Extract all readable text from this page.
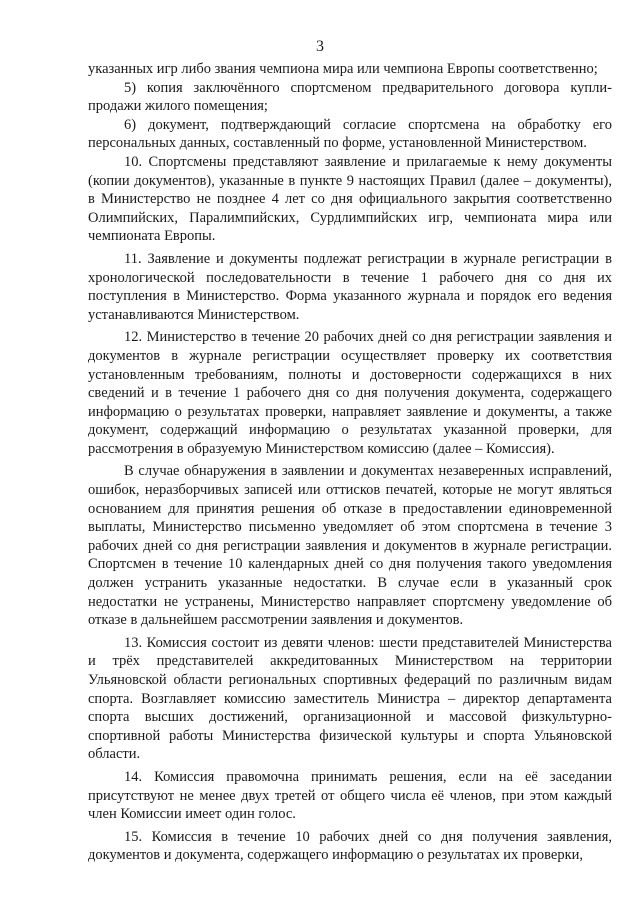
3

указанных игр либо звания чемпиона мира или чемпиона Европы соответственно;

5) копия заключённого спортсменом предварительного договора купли-продажи жилого помещения;

6) документ, подтверждающий согласие спортсмена на обработку его персональных данных, составленный по форме, установленной Министерством.

10. Спортсмены представляют заявление и прилагаемые к нему документы (копии документов), указанные в пункте 9 настоящих Правил (далее – документы), в Министерство не позднее 4 лет со дня официального закрытия соответственно Олимпийских, Паралимпийских, Сурдлимпийских игр, чемпионата мира или чемпионата Европы.

11. Заявление и документы подлежат регистрации в журнале регистрации в хронологической последовательности в течение 1 рабочего дня со дня их поступления в Министерство. Форма указанного журнала и порядок его ведения устанавливаются Министерством.

12. Министерство в течение 20 рабочих дней со дня регистрации заявления и документов в журнале регистрации осуществляет проверку их соответствия установленным требованиям, полноты и достоверности содержащихся в них сведений и в течение 1 рабочего дня со дня получения документа, содержащего информацию о результатах проверки, направляет заявление и документы, а также документ, содержащий информацию о результатах указанной проверки, для рассмотрения в образуемую Министерством комиссию (далее – Комиссия).

В случае обнаружения в заявлении и документах незаверенных исправлений, ошибок, неразборчивых записей или оттисков печатей, которые не могут являться основанием для принятия решения об отказе в предоставлении единовременной выплаты, Министерство письменно уведомляет об этом спортсмена в течение 3 рабочих дней со дня регистрации заявления и документов в журнале регистрации. Спортсмен в течение 10 календарных дней со дня получения такого уведомления должен устранить указанные недостатки. В случае если в указанный срок недостатки не устранены, Министерство направляет спортсмену уведомление об отказе в дальнейшем рассмотрении заявления и документов.

13. Комиссия состоит из девяти членов: шести представителей Министерства и трёх представителей аккредитованных Министерством на территории Ульяновской области региональных спортивных федераций по различным видам спорта. Возглавляет комиссию заместитель Министра – директор департамента спорта высших достижений, организационной и массовой физкультурно-спортивной работы Министерства физической культуры и спорта Ульяновской области.

14. Комиссия правомочна принимать решения, если на её заседании присутствуют не менее двух третей от общего числа её членов, при этом каждый член Комиссии имеет один голос.

15. Комиссия в течение 10 рабочих дней со дня получения заявления, документов и документа, содержащего информацию о результатах их проверки,
